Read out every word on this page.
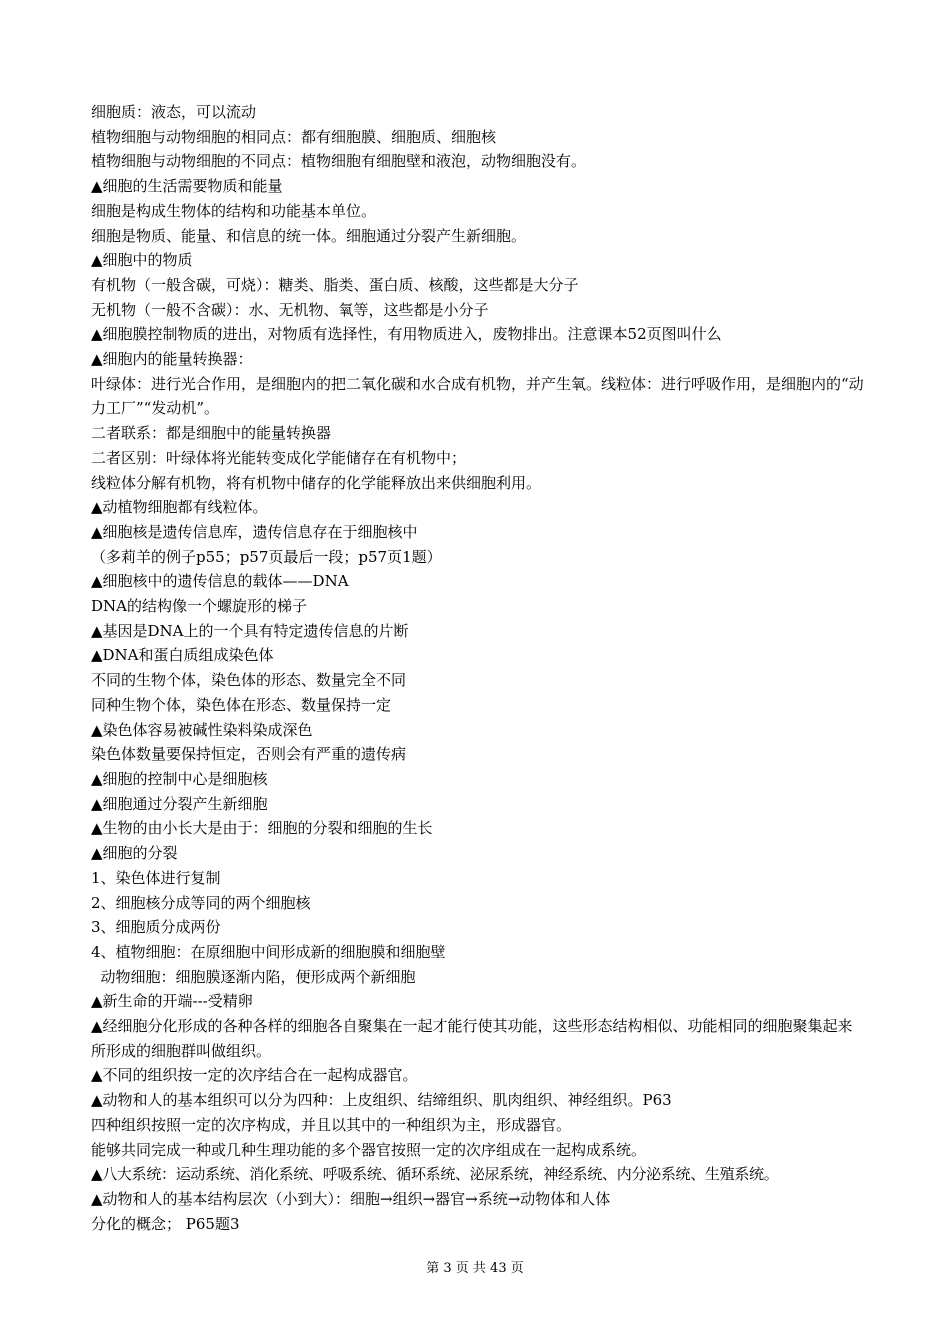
细胞质：液态，可以流动

植物细胞与动物细胞的相同点：都有细胞膜、细胞质、细胞核

植物细胞与动物细胞的不同点：植物细胞有细胞壁和液泡，动物细胞没有。

▲细胞的生活需要物质和能量

细胞是构成生物体的结构和功能基本单位。

细胞是物质、能量、和信息的统一体。细胞通过分裂产生新细胞。

▲细胞中的物质

有机物（一般含碳，可烧）：糖类、脂类、蛋白质、核酸，这些都是大分子

无机物（一般不含碳）：水、无机物、氧等，这些都是小分子

▲细胞膜控制物质的进出，对物质有选择性，有用物质进入，废物排出。注意课本52页图叫什么

▲细胞内的能量转换器：

叶绿体：进行光合作用，是细胞内的把二氧化碳和水合成有机物，并产生氧。线粒体：进行呼吸作用，是细胞内的“动力工厂”“发动机”。

二者联系：都是细胞中的能量转换器

二者区别：叶绿体将光能转变成化学能储存在有机物中；

线粒体分解有机物，将有机物中储存的化学能释放出来供细胞利用。

▲动植物细胞都有线粒体。

▲细胞核是遗传信息库，遗传信息存在于细胞核中

（多莉羊的例子p55；p57页最后一段；p57页1题）

▲细胞核中的遗传信息的载体——DNA

DNA的结构像一个螺旋形的梯子

▲基因是DNA上的一个具有特定遗传信息的片断

▲DNA和蛋白质组成染色体

不同的生物个体，染色体的形态、数量完全不同

同种生物个体，染色体在形态、数量保持一定

▲染色体容易被碱性染料染成深色

染色体数量要保持恒定，否则会有严重的遗传病

▲细胞的控制中心是细胞核

▲细胞通过分裂产生新细胞

▲生物的由小长大是由于：细胞的分裂和细胞的生长

▲细胞的分裂

1、染色体进行复制

2、细胞核分成等同的两个细胞核

3、细胞质分成两份

4、植物细胞：在原细胞中间形成新的细胞膜和细胞壁

动物细胞：细胞膜逐渐内陷，便形成两个新细胞

▲新生命的开端---受精卵

▲经细胞分化形成的各种各样的细胞各自聚集在一起才能行使其功能，这些形态结构相似、功能相同的细胞聚集起来所形成的细胞群叫做组织。

▲不同的组织按一定的次序结合在一起构成器官。

▲动物和人的基本组织可以分为四种：上皮组织、结缔组织、肌肉组织、神经组织。P63

四种组织按照一定的次序构成，并且以其中的一种组织为主，形成器官。

能够共同完成一种或几种生理功能的多个器官按照一定的次序组成在一起构成系统。

▲八大系统：运动系统、消化系统、呼吸系统、循环系统、泌尿系统，神经系统、内分泌系统、生殖系统。

▲动物和人的基本结构层次（小到大）：细胞→组织→器官→系统→动物体和人体

分化的概念； P65题3

第 3 页 共 43 页
